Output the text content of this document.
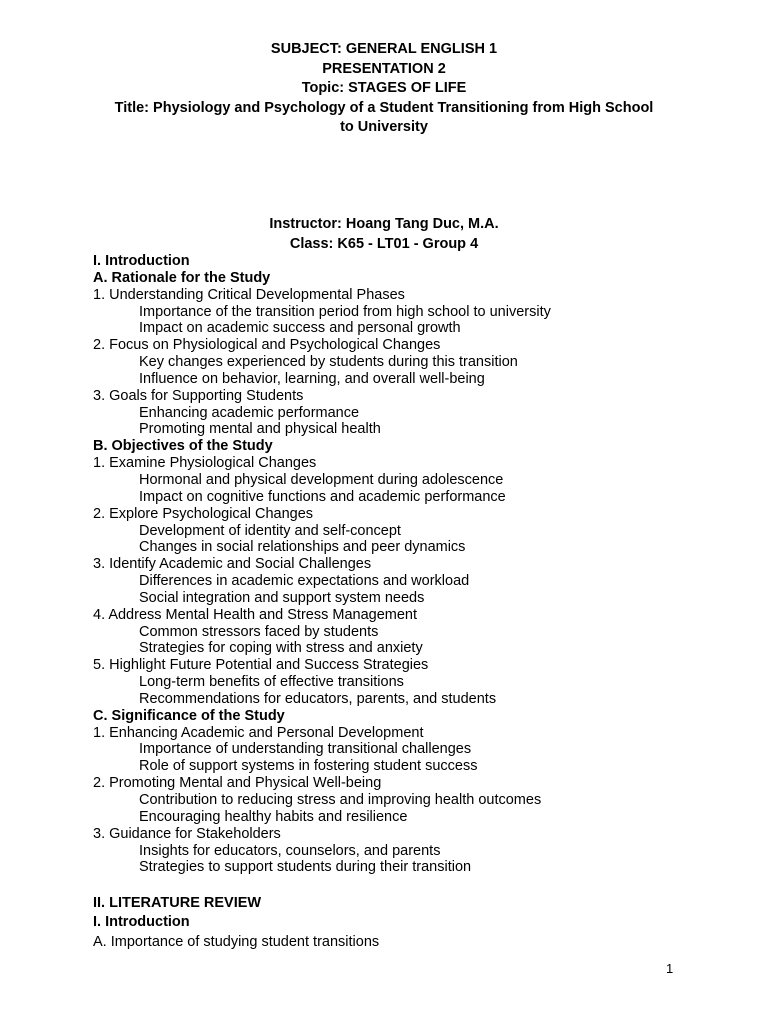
SUBJECT: GENERAL ENGLISH 1
PRESENTATION 2
Topic: STAGES OF LIFE
Title: Physiology and Psychology of a Student Transitioning from High School
to University
Instructor: Hoang Tang Duc, M.A.
Class: K65 - LT01 - Group 4
I. Introduction
A. Rationale for the Study
1. Understanding Critical Developmental Phases
Importance of the transition period from high school to university
Impact on academic success and personal growth
2. Focus on Physiological and Psychological Changes
Key changes experienced by students during this transition
Influence on behavior, learning, and overall well-being
3. Goals for Supporting Students
Enhancing academic performance
Promoting mental and physical health
B. Objectives of the Study
1. Examine Physiological Changes
Hormonal and physical development during adolescence
Impact on cognitive functions and academic performance
2. Explore Psychological Changes
Development of identity and self-concept
Changes in social relationships and peer dynamics
3. Identify Academic and Social Challenges
Differences in academic expectations and workload
Social integration and support system needs
4. Address Mental Health and Stress Management
Common stressors faced by students
Strategies for coping with stress and anxiety
5. Highlight Future Potential and Success Strategies
Long-term benefits of effective transitions
Recommendations for educators, parents, and students
C. Significance of the Study
1. Enhancing Academic and Personal Development
Importance of understanding transitional challenges
Role of support systems in fostering student success
2. Promoting Mental and Physical Well-being
Contribution to reducing stress and improving health outcomes
Encouraging healthy habits and resilience
3. Guidance for Stakeholders
Insights for educators, counselors, and parents
Strategies to support students during their transition
II. LITERATURE REVIEW
I. Introduction
A. Importance of studying student transitions
1
